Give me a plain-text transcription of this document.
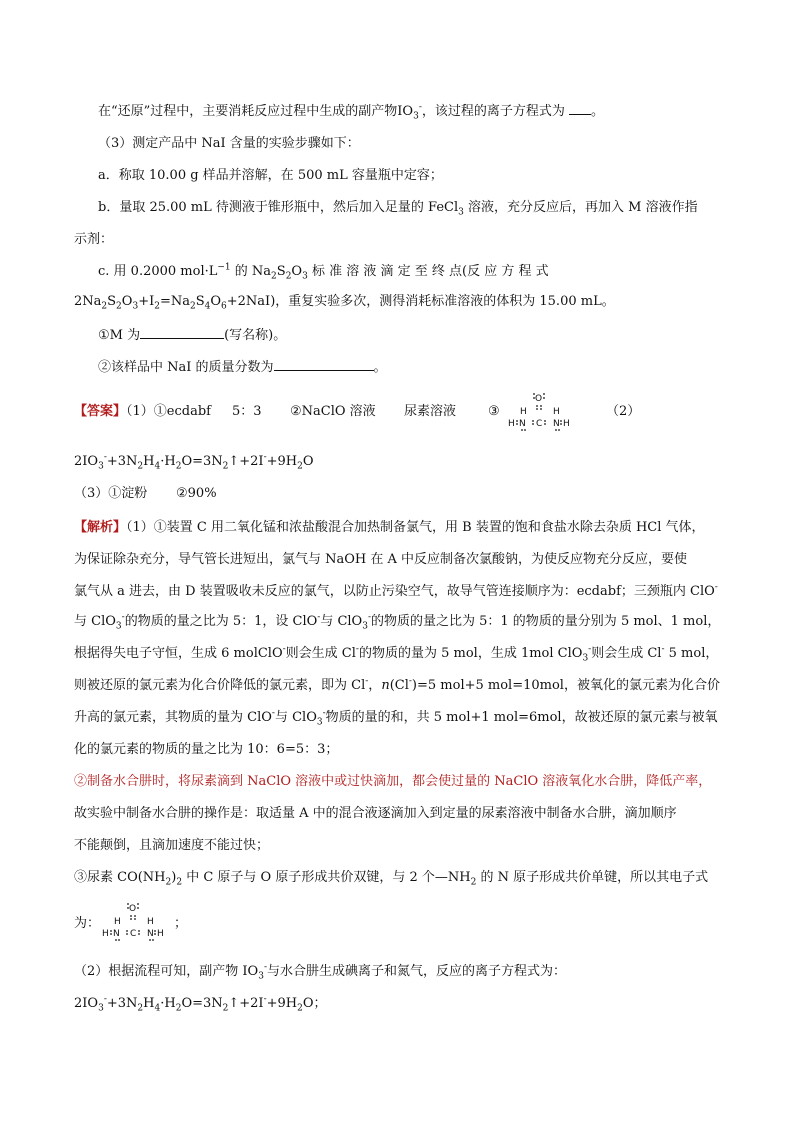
在“还原”过程中，主要消耗反应过程中生成的副产物$IO_3^-$，该过程的离子方程式为 。
（3）测定产品中 NaI 含量的实验步骤如下：
a．称取 10.00 g 样品并溶解，在 500 mL 容量瓶中定容；
b．量取 25.00 mL 待测液于锥形瓶中，然后加入足量的 FeCl$_3$ 溶液，充分反应后，再加入 M 溶液作指
示剂：
c. 用 0.2000 $mol\cdot L^{-1}$ 的 $Na_2S_2O_3$ 标 准 溶 液 滴 定 至 终 点(反 应 方 程 式
$2Na_2S_2O_3+I_2=Na_2S_4O_6+2NaI$)，重复实验多次，测得消耗标准溶液的体积为 15.00 mL。
①M 为	(写名称)。
②该样品中 NaI 的质量分数为	。
【答案】（1）①ecdabf 5：3 ②NaClO 溶液 尿素溶液 ③	（2）
O
C
N	N
H
H	H
H
$2IO_3^-+3N_2H_4\cdot H_2O=3N_2↑+2I^-+9H_2O$
（3）①淀粉 ②90%
【解析】（1）①装置 C 用二氧化锰和浓盐酸混合加热制备氯气，用 B 装置的饱和食盐水除去杂质 HCl 气体，
为保证除杂充分，导气管长进短出，氯气与 NaOH 在 A 中反应制备次氯酸钠，为使反应物充分反应，要使
氯气从 a 进去，由 D 装置吸收未反应的氯气，以防止污染空气，故导气管连接顺序为：ecdabf；三颈瓶内 ClO-
与 ClO$_3$-的物质的量之比为 5：1，设 ClO-与 ClO$_3$-的物质的量之比为 5：1 的物质的量分别为 5 mol、1 mol，
根据得失电子守恒，生成 6 molClO-则会生成 Cl-的物质的量为 5 mol，生成 1mol ClO$_3$-则会生成 Cl- 5 mol，
则被还原的氯元素为化合价降低的氯元素，即为 Cl-，n(Cl-)=5 mol+5 mol=10mol，被氧化的氯元素为化合价
升高的氯元素，其物质的量为 ClO-与 ClO$_3$-物质的量的和，共 5 mol+1 mol=6mol，故被还原的氯元素与被氧
化的氯元素的物质的量之比为 10：6=5：3；
②制备水合肼时，将尿素滴到 NaClO 溶液中或过快滴加，都会使过量的 NaClO 溶液氧化水合肼，降低产率，
故实验中制备水合肼的操作是：取适量 A 中的混合液逐滴加入到定量的尿素溶液中制备水合肼，滴加顺序
不能颠倒，且滴加速度不能过快；
③尿素 $CO(NH_2)_2$ 中 C 原子与 O 原子形成共价双键，与 2 个$—NH_2$ 的 N 原子形成共价单键，所以其电子式
为：
O
C
N	N
H
H	H
H
；
（2）根据流程可知，副产物 $IO_3^-$与水合肼生成碘离子和氮气，反应的离子方程式为：
$2IO_3^-+3N_2H_4\cdot H_2O=3N_2↑+2I^-+9H_2O$；
